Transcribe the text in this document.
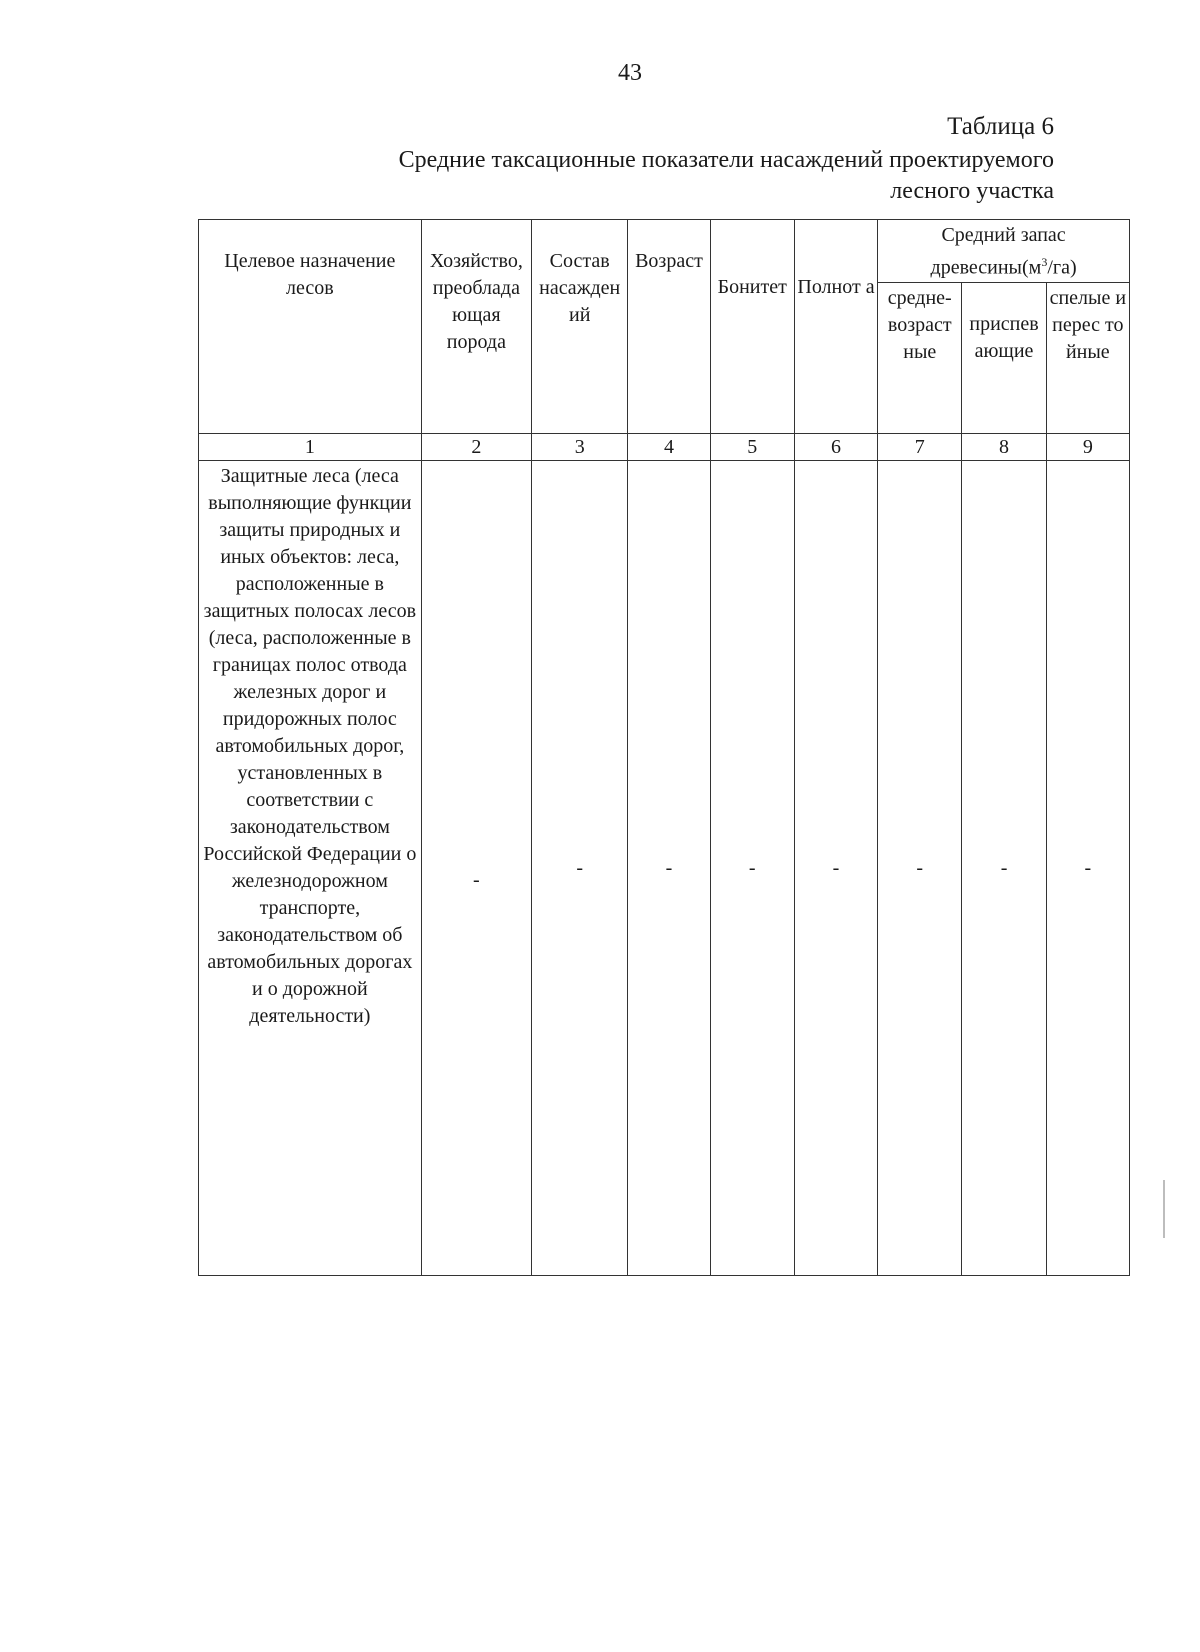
43
Таблица 6
Средние таксационные показатели насаждений проектируемого
лесного участка
Целевое назначение лесов	Хозяйство, преоблада ющая порода	Состав насажден ий	Возраст	Бонитет	Полнот а	Средний запас $древесины(м^3/га)$		
						средне- возраст ные	приспев ающие	спелые и перес то йные
1	2	3	4	5	6	7	8	9
Защитные леса (леса выполняющие функции защиты природных и иных объектов: леса, расположенные в защитных полосах лесов (леса, расположенные в границах полос отвода железных дорог и придорожных полос автомобильных дорог, установленных в соответствии с законодательством Российской Федерации о железнодорожном транспорте, законодательством об автомобильных дорогах и о дорожной деятельности)	-	-	-	-	-	-	-	-
